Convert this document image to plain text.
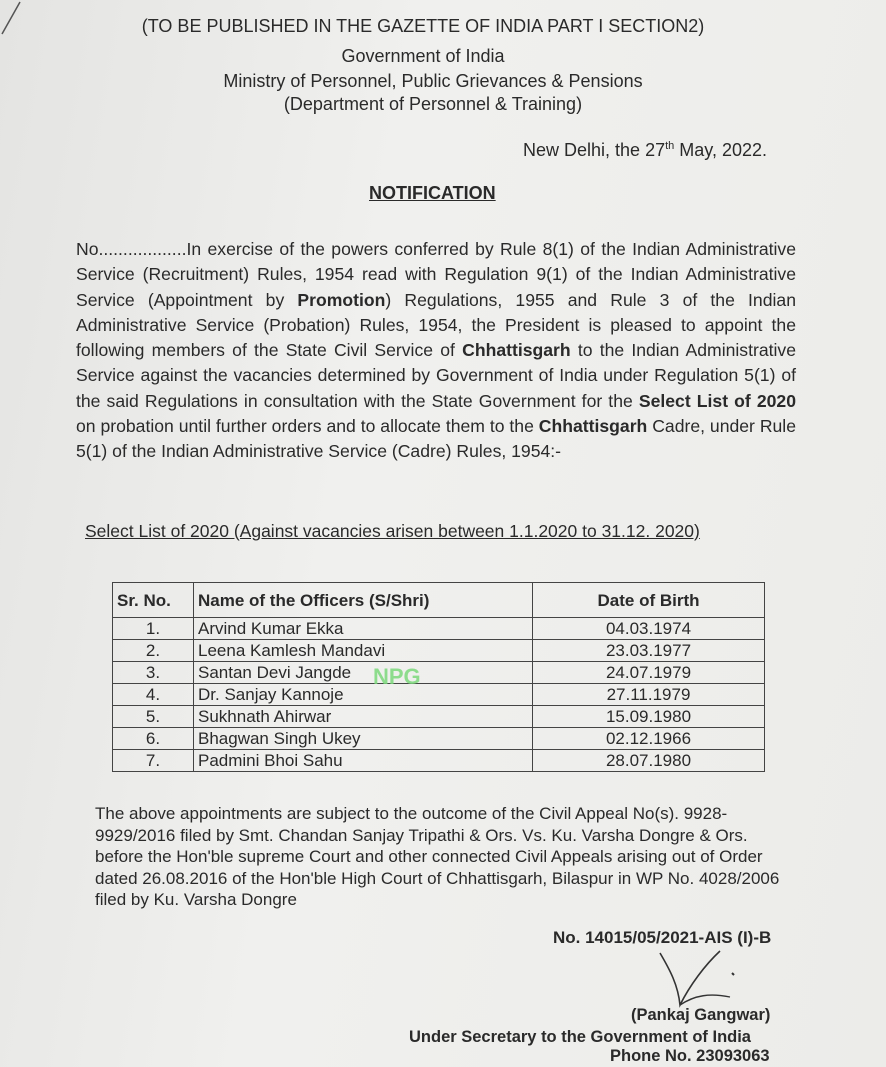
(TO BE PUBLISHED IN THE GAZETTE OF INDIA PART I SECTION2)
Government of India
Ministry of Personnel, Public Grievances & Pensions
(Department of Personnel & Training)
New Delhi, the 27th May, 2022.
NOTIFICATION
No..................In exercise of the powers conferred by Rule 8(1) of the Indian Administrative Service (Recruitment) Rules, 1954 read with Regulation 9(1) of the Indian Administrative Service (Appointment by Promotion) Regulations, 1955 and Rule 3 of the Indian Administrative Service (Probation) Rules, 1954, the President is pleased to appoint the following members of the State Civil Service of Chhattisgarh to the Indian Administrative Service against the vacancies determined by Government of India under Regulation 5(1) of the said Regulations in consultation with the State Government for the Select List of 2020 on probation until further orders and to allocate them to the Chhattisgarh Cadre, under Rule 5(1) of the Indian Administrative Service (Cadre) Rules, 1954:-
Select List of 2020 (Against vacancies arisen between 1.1.2020 to 31.12. 2020)
Sr. No.	Name of the Officers (S/Shri)	Date of Birth
1.	Arvind Kumar Ekka	04.03.1974
2.	Leena Kamlesh Mandavi	23.03.1977
3.	Santan Devi Jangde	24.07.1979
4.	Dr. Sanjay Kannoje	27.11.1979
5.	Sukhnath Ahirwar	15.09.1980
6.	Bhagwan Singh Ukey	02.12.1966
7.	Padmini Bhoi Sahu	28.07.1980
NPG
The above appointments are subject to the outcome of the Civil Appeal No(s). 9928-9929/2016 filed by Smt. Chandan Sanjay Tripathi & Ors. Vs. Ku. Varsha Dongre & Ors. before the Hon'ble supreme Court and other connected Civil Appeals arising out of Order dated 26.08.2016 of the Hon'ble High Court of Chhattisgarh, Bilaspur in WP No. 4028/2006 filed by Ku. Varsha Dongre
No. 14015/05/2021-AIS (I)-B
(Pankaj Gangwar)
Under Secretary to the Government of India
Phone No. 23093063
